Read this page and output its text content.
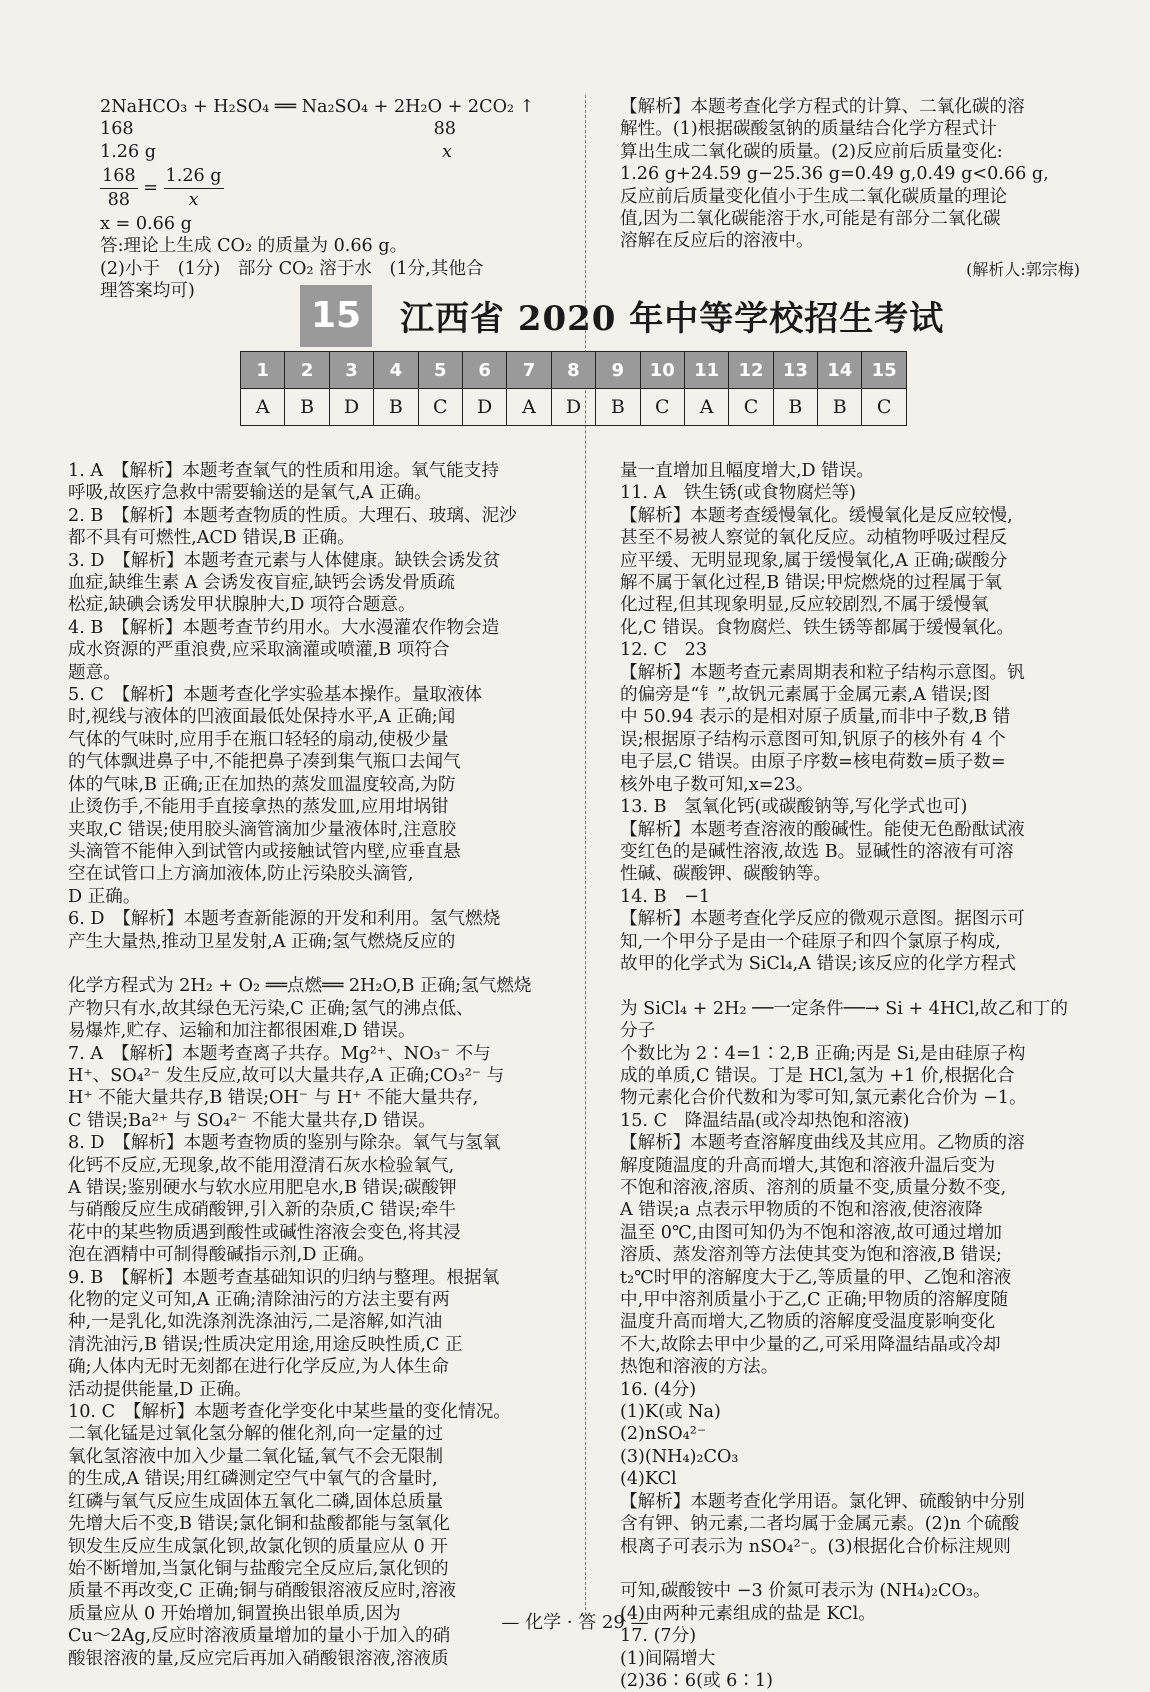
2NaHCO₃ + H₂SO₄ ══ Na₂SO₄ + 2H₂O + 2CO₂ ↑

168	88

1.26 g	x

$\frac{168}{88} = \frac{1.26 g}{x}$

x = 0.66 g

答:理论上生成 CO₂ 的质量为 0.66 g。

(2)小于　(1分)　部分 CO₂ 溶于水　(1分,其他合

理答案均可)

【解析】本题考查化学方程式的计算、二氧化碳的溶

解性。(1)根据碳酸氢钠的质量结合化学方程式计

算出生成二氧化碳的质量。(2)反应前后质量变化:

1.26 g+24.59 g−25.36 g=0.49 g,0.49 g<0.66 g,

反应前后质量变化值小于生成二氧化碳质量的理论

值,因为二氧化碳能溶于水,可能是有部分二氧化碳

溶解在反应后的溶液中。

(解析人:郭宗梅)

15	江西省 2020 年中等学校招生考试
1	2	3	4	5	6	7	8	9	10	11	12	13	14	15
A	B	D	B	C	D	A	D	B	C	A	C	B	B	C

1. A　【解析】本题考查氧气的性质和用途。氧气能支持

呼吸,故医疗急救中需要输送的是氧气,A 正确。

2. B　【解析】本题考查物质的性质。大理石、玻璃、泥沙

都不具有可燃性,ACD 错误,B 正确。

3. D　【解析】本题考查元素与人体健康。缺铁会诱发贫

血症,缺维生素 A 会诱发夜盲症,缺钙会诱发骨质疏

松症,缺碘会诱发甲状腺肿大,D 项符合题意。

4. B　【解析】本题考查节约用水。大水漫灌农作物会造

成水资源的严重浪费,应采取滴灌或喷灌,B 项符合

题意。

5. C　【解析】本题考查化学实验基本操作。量取液体

时,视线与液体的凹液面最低处保持水平,A 正确;闻

气体的气味时,应用手在瓶口轻轻的扇动,使极少量

的气体飘进鼻子中,不能把鼻子凑到集气瓶口去闻气

体的气味,B 正确;正在加热的蒸发皿温度较高,为防

止烫伤手,不能用手直接拿热的蒸发皿,应用坩埚钳

夹取,C 错误;使用胶头滴管滴加少量液体时,注意胶

头滴管不能伸入到试管内或接触试管内壁,应垂直悬

空在试管口上方滴加液体,防止污染胶头滴管,

D 正确。

6. D　【解析】本题考查新能源的开发和利用。氢气燃烧

产生大量热,推动卫星发射,A 正确;氢气燃烧反应的

化学方程式为 2H₂ + O₂ ══点燃══ 2H₂O,B 正确;氢气燃烧

产物只有水,故其绿色无污染,C 正确;氢气的沸点低、

易爆炸,贮存、运输和加注都很困难,D 错误。

7. A　【解析】本题考查离子共存。Mg²⁺、NO₃⁻ 不与

H⁺、SO₄²⁻ 发生反应,故可以大量共存,A 正确;CO₃²⁻ 与

H⁺ 不能大量共存,B 错误;OH⁻ 与 H⁺ 不能大量共存,

C 错误;Ba²⁺ 与 SO₄²⁻ 不能大量共存,D 错误。

8. D　【解析】本题考查物质的鉴别与除杂。氧气与氢氧

化钙不反应,无现象,故不能用澄清石灰水检验氧气,

A 错误;鉴别硬水与软水应用肥皂水,B 错误;碳酸钾

与硝酸反应生成硝酸钾,引入新的杂质,C 错误;牵牛

花中的某些物质遇到酸性或碱性溶液会变色,将其浸

泡在酒精中可制得酸碱指示剂,D 正确。

9. B　【解析】本题考查基础知识的归纳与整理。根据氧

化物的定义可知,A 正确;清除油污的方法主要有两

种,一是乳化,如洗涤剂洗涤油污,二是溶解,如汽油

清洗油污,B 错误;性质决定用途,用途反映性质,C 正

确;人体内无时无刻都在进行化学反应,为人体生命

活动提供能量,D 正确。

10. C　【解析】本题考查化学变化中某些量的变化情况。

二氧化锰是过氧化氢分解的催化剂,向一定量的过

氧化氢溶液中加入少量二氧化锰,氧气不会无限制

的生成,A 错误;用红磷测定空气中氧气的含量时,

红磷与氧气反应生成固体五氧化二磷,固体总质量

先增大后不变,B 错误;氯化铜和盐酸都能与氢氧化

钡发生反应生成氯化钡,故氯化钡的质量应从 0 开

始不断增加,当氯化铜与盐酸完全反应后,氯化钡的

质量不再改变,C 正确;铜与硝酸银溶液反应时,溶液

质量应从 0 开始增加,铜置换出银单质,因为

Cu～2Ag,反应时溶液质量增加的量小于加入的硝

酸银溶液的量,反应完后再加入硝酸银溶液,溶液质

量一直增加且幅度增大,D 错误。

11. A　铁生锈(或食物腐烂等)

【解析】本题考查缓慢氧化。缓慢氧化是反应较慢,

甚至不易被人察觉的氧化反应。动植物呼吸过程反

应平缓、无明显现象,属于缓慢氧化,A 正确;碳酸分

解不属于氧化过程,B 错误;甲烷燃烧的过程属于氧

化过程,但其现象明显,反应较剧烈,不属于缓慢氧

化,C 错误。食物腐烂、铁生锈等都属于缓慢氧化。

12. C　23

【解析】本题考查元素周期表和粒子结构示意图。钒

的偏旁是“钅”,故钒元素属于金属元素,A 错误;图

中 50.94 表示的是相对原子质量,而非中子数,B 错

误;根据原子结构示意图可知,钒原子的核外有 4 个

电子层,C 错误。由原子序数=核电荷数=质子数=

核外电子数可知,x=23。

13. B　氢氧化钙(或碳酸钠等,写化学式也可)

【解析】本题考查溶液的酸碱性。能使无色酚酞试液

变红色的是碱性溶液,故选 B。显碱性的溶液有可溶

性碱、碳酸钾、碳酸钠等。

14. B　−1

【解析】本题考查化学反应的微观示意图。据图示可

知,一个甲分子是由一个硅原子和四个氯原子构成,

故甲的化学式为 SiCl₄,A 错误;该反应的化学方程式

为 SiCl₄ + 2H₂ ──一定条件──→ Si + 4HCl,故乙和丁的分子

个数比为 2∶4=1∶2,B 正确;丙是 Si,是由硅原子构

成的单质,C 错误。丁是 HCl,氢为 +1 价,根据化合

物元素化合价代数和为零可知,氯元素化合价为 −1。

15. C　降温结晶(或冷却热饱和溶液)

【解析】本题考查溶解度曲线及其应用。乙物质的溶

解度随温度的升高而增大,其饱和溶液升温后变为

不饱和溶液,溶质、溶剂的质量不变,质量分数不变,

A 错误;a 点表示甲物质的不饱和溶液,使溶液降

温至 0℃,由图可知仍为不饱和溶液,故可通过增加

溶质、蒸发溶剂等方法使其变为饱和溶液,B 错误;

t₂℃时甲的溶解度大于乙,等质量的甲、乙饱和溶液

中,甲中溶剂质量小于乙,C 正确;甲物质的溶解度随

温度升高而增大,乙物质的溶解度受温度影响变化

不大,故除去甲中少量的乙,可采用降温结晶或冷却

热饱和溶液的方法。

16. (4分)

(1)K(或 Na)

(2)nSO₄²⁻

(3)(NH₄)₂CO₃

(4)KCl

【解析】本题考查化学用语。氯化钾、硫酸钠中分别

含有钾、钠元素,二者均属于金属元素。(2)n 个硫酸

根离子可表示为 nSO₄²⁻。(3)根据化合价标注规则

可知,碳酸铵中 −3 价氮可表示为 (NH₄)₂CO₃。

(4)由两种元素组成的盐是 KCl。

17. (7分)

(1)间隔增大

(2)36∶6(或 6∶1)

— 化学 · 答 29 —
